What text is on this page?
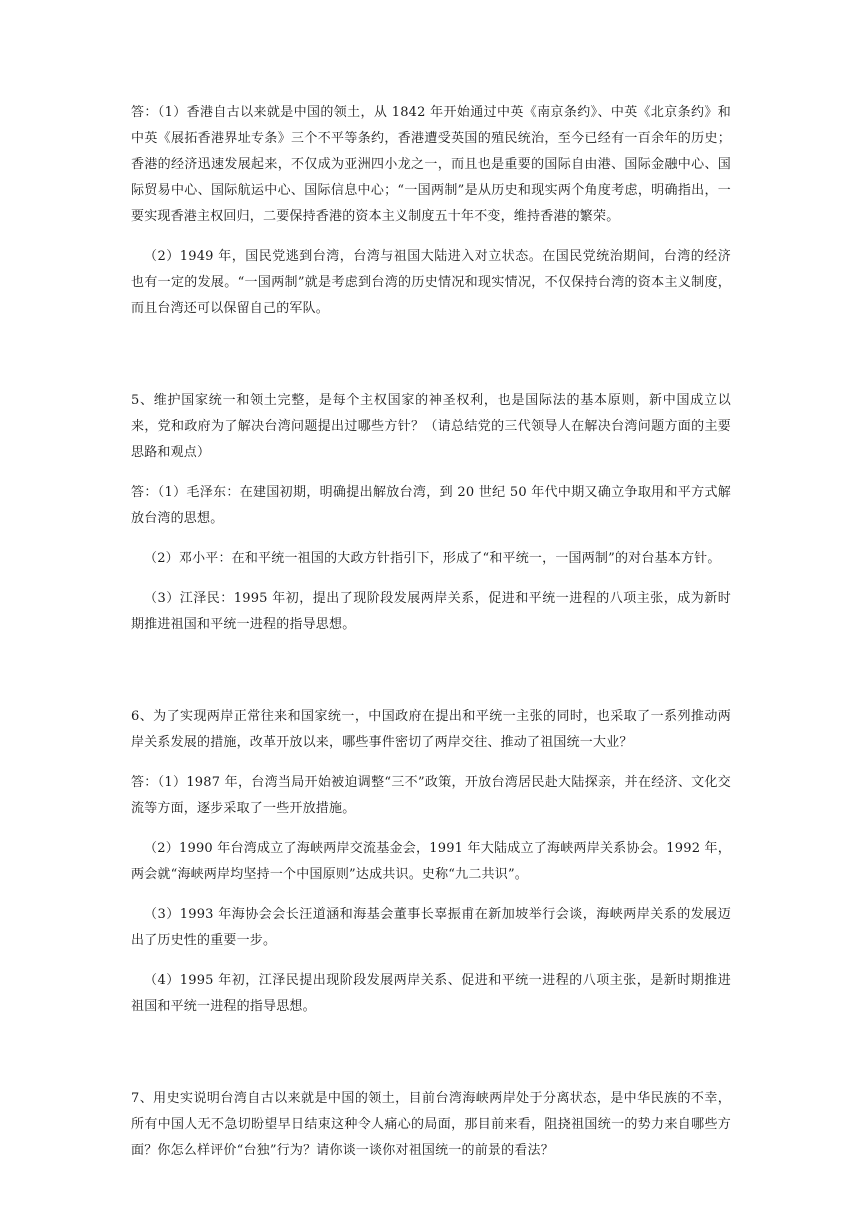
答：（1）香港自古以来就是中国的领土，从 1842 年开始通过中英《南京条约》、中英《北京条约》和中英《展拓香港界址专条》三个不平等条约，香港遭受英国的殖民统治，至今已经有一百余年的历史；香港的经济迅速发展起来，不仅成为亚洲四小龙之一，而且也是重要的国际自由港、国际金融中心、国际贸易中心、国际航运中心、国际信息中心；“一国两制”是从历史和现实两个角度考虑，明确指出，一要实现香港主权回归，二要保持香港的资本主义制度五十年不变，维持香港的繁荣。

（2）1949 年，国民党逃到台湾，台湾与祖国大陆进入对立状态。在国民党统治期间，台湾的经济也有一定的发展。“一国两制”就是考虑到台湾的历史情况和现实情况，不仅保持台湾的资本主义制度，而且台湾还可以保留自己的军队。

5、维护国家统一和领土完整，是每个主权国家的神圣权利，也是国际法的基本原则，新中国成立以来，党和政府为了解决台湾问题提出过哪些方针？（请总结党的三代领导人在解决台湾问题方面的主要思路和观点）

答：（1）毛泽东：在建国初期，明确提出解放台湾，到 20 世纪 50 年代中期又确立争取用和平方式解放台湾的思想。

（2）邓小平：在和平统一祖国的大政方针指引下，形成了“和平统一，一国两制”的对台基本方针。

（3）江泽民：1995 年初，提出了现阶段发展两岸关系，促进和平统一进程的八项主张，成为新时期推进祖国和平统一进程的指导思想。

6、为了实现两岸正常往来和国家统一，中国政府在提出和平统一主张的同时，也采取了一系列推动两岸关系发展的措施，改革开放以来，哪些事件密切了两岸交往、推动了祖国统一大业？

答：（1）1987 年，台湾当局开始被迫调整“三不”政策，开放台湾居民赴大陆探亲，并在经济、文化交流等方面，逐步采取了一些开放措施。

（2）1990 年台湾成立了海峡两岸交流基金会，1991 年大陆成立了海峡两岸关系协会。1992 年，两会就“海峡两岸均坚持一个中国原则”达成共识。史称“九二共识”。

（3）1993 年海协会会长汪道涵和海基会董事长辜振甫在新加坡举行会谈，海峡两岸关系的发展迈出了历史性的重要一步。

（4）1995 年初，江泽民提出现阶段发展两岸关系、促进和平统一进程的八项主张，是新时期推进祖国和平统一进程的指导思想。

7、用史实说明台湾自古以来就是中国的领土，目前台湾海峡两岸处于分离状态，是中华民族的不幸，所有中国人无不急切盼望早日结束这种令人痛心的局面，那目前来看，阻挠祖国统一的势力来自哪些方面？你怎么样评价“台独”行为？请你谈一谈你对祖国统一的前景的看法？
